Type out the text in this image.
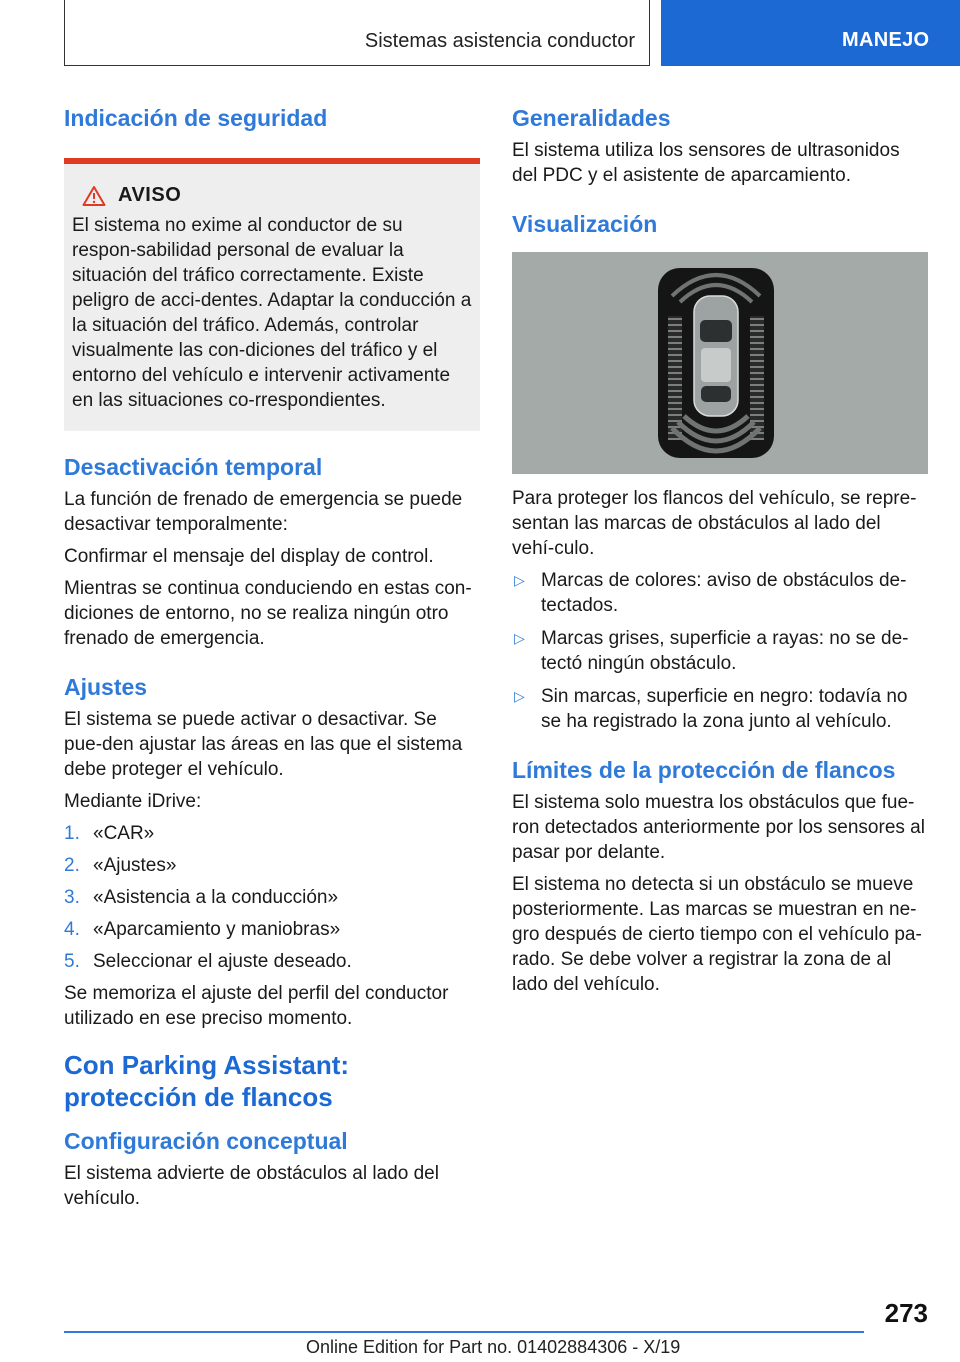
Sistemas asistencia conductor	MANEJO
Indicación de seguridad
AVISO

El sistema no exime al conductor de su respon-sabilidad personal de evaluar la situación del tráfico correctamente. Existe peligro de acci-dentes. Adaptar la conducción a la situación del tráfico. Además, controlar visualmente las con-diciones del tráfico y el entorno del vehículo e intervenir activamente en las situaciones co-rrespondientes.

Desactivación temporal

La función de frenado de emergencia se puede desactivar temporalmente:

Confirmar el mensaje del display de control.

Mientras se continua conduciendo en estas con-diciones de entorno, no se realiza ningún otro frenado de emergencia.

Ajustes

El sistema se puede activar o desactivar. Se pue-den ajustar las áreas en las que el sistema debe proteger el vehículo.

Mediante iDrive:

1. «CAR»
2. «Ajustes»
3. «Asistencia a la conducción»
4. «Aparcamiento y maniobras»
5. Seleccionar el ajuste deseado.

Se memoriza el ajuste del perfil del conductor utilizado en ese preciso momento.

Con Parking Assistant: protección de flancos
Configuración conceptual

El sistema advierte de obstáculos al lado del vehículo.

Generalidades

El sistema utiliza los sensores de ultrasonidos del PDC y el asistente de aparcamiento.

Visualización

Para proteger los flancos del vehículo, se repre-sentan las marcas de obstáculos al lado del vehí-culo.

▷ Marcas de colores: aviso de obstáculos de-tectados.
▷ Marcas grises, superficie a rayas: no se de-tectó ningún obstáculo.
▷ Sin marcas, superficie en negro: todavía no se ha registrado la zona junto al vehículo.
Límites de la protección de flancos

El sistema solo muestra los obstáculos que fue-ron detectados anteriormente por los sensores al pasar por delante.

El sistema no detecta si un obstáculo se mueve posteriormente. Las marcas se muestran en ne-gro después de cierto tiempo con el vehículo pa-rado. Se debe volver a registrar la zona de al lado del vehículo.

273
Online Edition for Part no. 01402884306 - X/19
